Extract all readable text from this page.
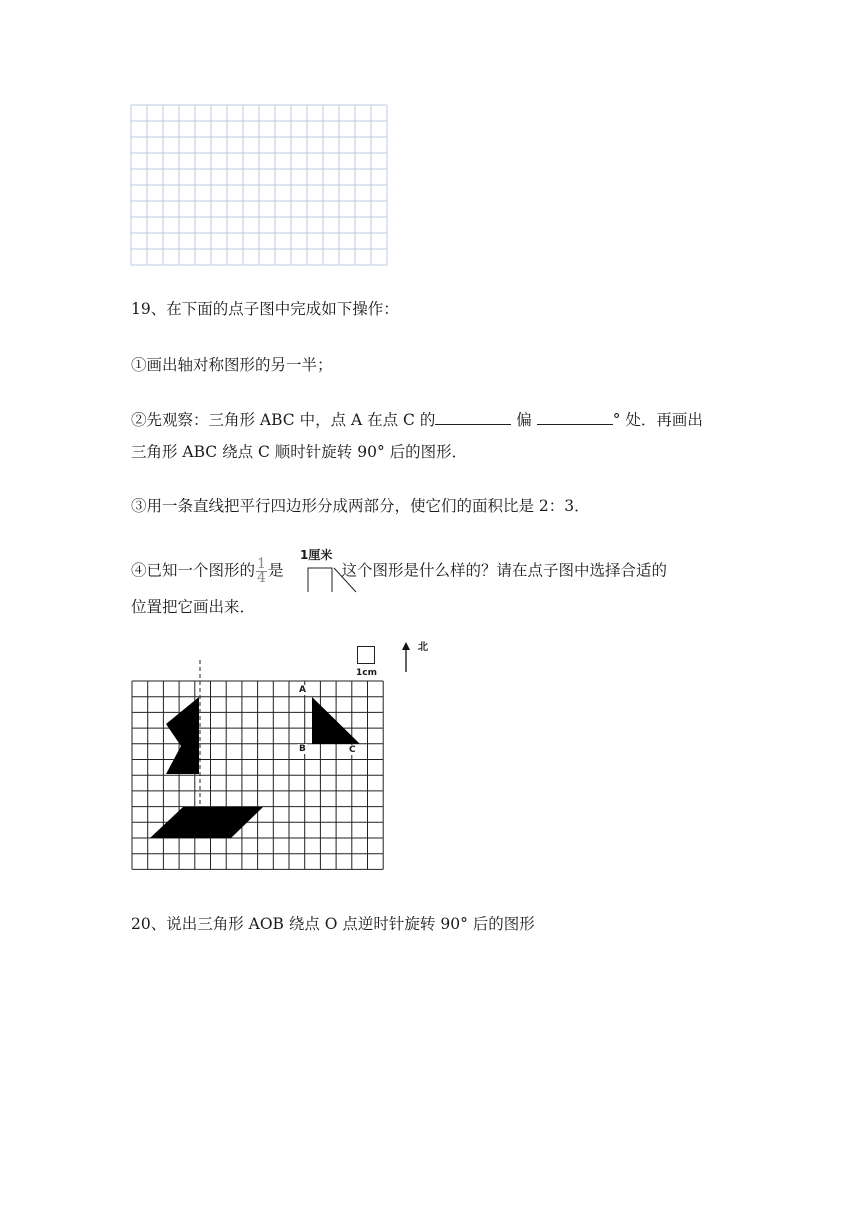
19、在下面的点子图中完成如下操作：
①画出轴对称图形的另一半；
②先观察：三角形 ABC 中，点 A 在点 C 的	偏	° 处．再画出
三角形 ABC 绕点 C 顺时针旋转 90° 后的图形．
③用一条直线把平行四边形分成两部分，使它们的面积比是 2：3．
④已知一个图形的 $\frac{1}{4}$ 是	这个图形是什么样的？请在点子图中选择合适的
1厘米
位置把它画出来．
1cm
北
A
B	C
20、说出三角形 AOB 绕点 O 点逆时针旋转 90° 后的图形
